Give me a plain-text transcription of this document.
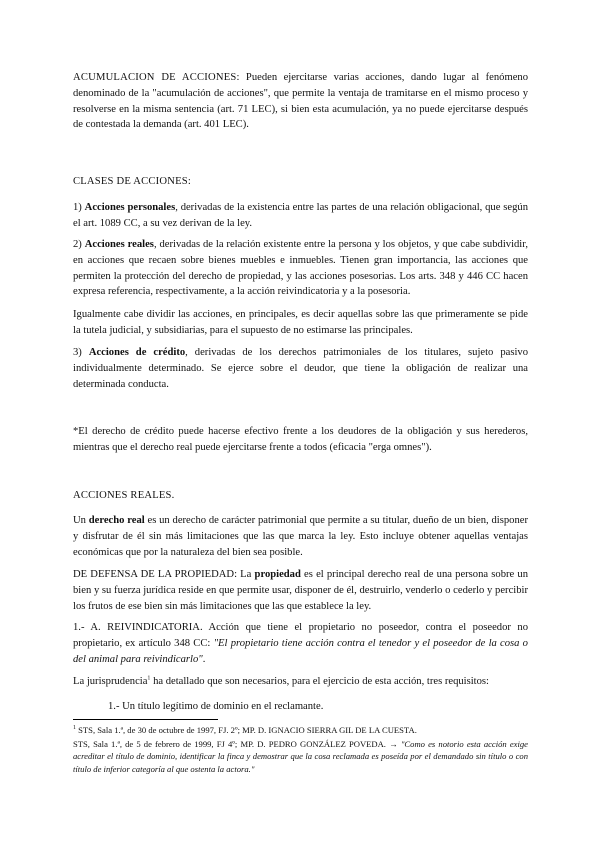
ACUMULACION DE ACCIONES: Pueden ejercitarse varias acciones, dando lugar al fenómeno denominado de la "acumulación de acciones", que permite la ventaja de tramitarse en el mismo proceso y resolverse en la misma sentencia (art. 71 LEC), si bien esta acumulación, ya no puede ejercitarse después de contestada la demanda (art. 401 LEC).

CLASES DE ACCIONES:

1) Acciones personales, derivadas de la existencia entre las partes de una relación obligacional, que según el art. 1089 CC, a su vez derivan de la ley.

2) Acciones reales, derivadas de la relación existente entre la persona y los objetos, y que cabe subdividir, en acciones que recaen sobre bienes muebles e inmuebles. Tienen gran importancia, las acciones que permiten la protección del derecho de propiedad, y las acciones posesorias. Los arts. 348 y 446 CC hacen expresa referencia, respectivamente, a la acción reivindicatoria y a la posesoria.

Igualmente cabe dividir las acciones, en principales, es decir aquellas sobre las que primeramente se pide la tutela judicial, y subsidiarias, para el supuesto de no estimarse las principales.

3) Acciones de crédito, derivadas de los derechos patrimoniales de los titulares, sujeto pasivo individualmente determinado. Se ejerce sobre el deudor, que tiene la obligación de realizar una determinada conducta.

*El derecho de crédito puede hacerse efectivo frente a los deudores de la obligación y sus herederos, mientras que el derecho real puede ejercitarse frente a todos (eficacia "erga omnes").

ACCIONES REALES.

Un derecho real es un derecho de carácter patrimonial que permite a su titular, dueño de un bien, disponer y disfrutar de él sin más limitaciones que las que marca la ley. Esto incluye obtener aquellas ventajas económicas que por la naturaleza del bien sea posible.

DE DEFENSA DE LA PROPIEDAD: La propiedad es el principal derecho real de una persona sobre un bien y su fuerza jurídica reside en que permite usar, disponer de él, destruirlo, venderlo o cederlo y percibir los frutos de ese bien sin más limitaciones que las que establece la ley.

1.- A. REIVINDICATORIA. Acción que tiene el propietario no poseedor, contra el poseedor no propietario, ex artículo 348 CC: "El propietario tiene acción contra el tenedor y el poseedor de la cosa o del animal para reivindicarlo".

La jurisprudencia$^1$ ha detallado que son necesarios, para el ejercicio de esta acción, tres requisitos:

1.- Un título legítimo de dominio en el reclamante.

$^1$ STS, Sala 1.ª, de 30 de octubre de 1997, FJ. 2º; MP. D. IGNACIO SIERRA GIL DE LA CUESTA.

STS, Sala 1.ª, de 5 de febrero de 1999, FJ 4º; MP. D. PEDRO GONZÁLEZ POVEDA. → "Como es notorio esta acción exige acreditar el título de dominio, identificar la finca y demostrar que la cosa reclamada es poseída por el demandado sin título o con título de inferior categoría al que ostenta la actora."
